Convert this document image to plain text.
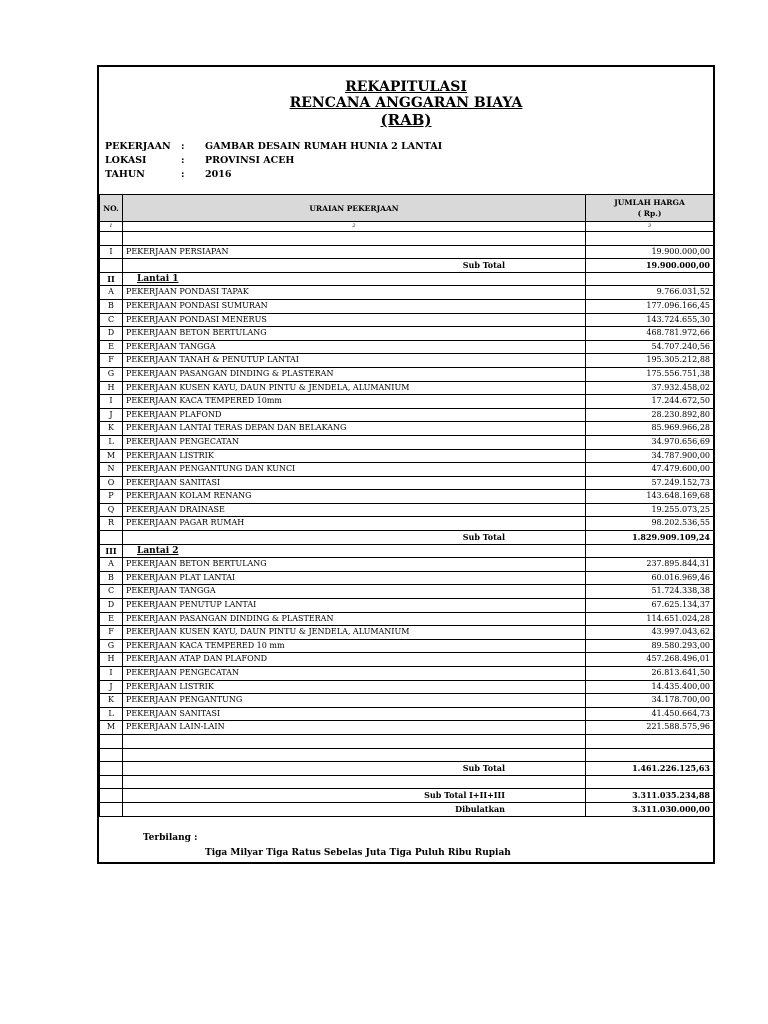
REKAPITULASI
RENCANA ANGGARAN BIAYA
(RAB)
PEKERJAAN : GAMBAR DESAIN RUMAH HUNIA 2 LANTAI
LOKASI	: PROVINSI ACEH
TAHUN	: 2016
NO.	URAIAN PEKERJAAN	JUMLAH HARGA
( Rp.)

1	2	3

I	PEKERJAAN PERSIAPAN	19.900.000,00
	Sub Total	19.900.000,00
II	Lantai 1	
A	PEKERJAAN PONDASI TAPAK	9.766.031,52
B	PEKERJAAN PONDASI SUMURAN	177.096.166,45
C	PEKERJAAN PONDASI MENERUS	143.724.655,30
D	PEKERJAAN BETON BERTULANG	468.781.972,66
E	PEKERJAAN TANGGA	54.707.240,56
F	PEKERJAAN TANAH & PENUTUP LANTAI	195.305.212,88
G	PEKERJAAN PASANGAN DINDING & PLASTERAN	175.556.751,38
H	PEKERJAAN KUSEN KAYU, DAUN PINTU & JENDELA, ALUMANIUM	37.932.458,02
I	PEKERJAAN KACA TEMPERED 10mm	17.244.672,50
J	PEKERJAAN PLAFOND	28.230.892,80
K	PEKERJAAN LANTAI TERAS DEPAN DAN BELAKANG	85.969.966,28
L	PEKERJAAN PENGECATAN	34.970.656,69
M	PEKERJAAN LISTRIK	34.787.900,00
N	PEKERJAAN PENGANTUNG DAN KUNCI	47.479.600,00
O	PEKERJAAN SANITASI	57.249.152,73
P	PEKERJAAN KOLAM RENANG	143.648.169,68
Q	PEKERJAAN DRAINASE	19.255.073,25
R	PEKERJAAN PAGAR RUMAH	98.202.536,55
	Sub Total	1.829.909.109,24
III	Lantai 2	
A	PEKERJAAN BETON BERTULANG	237.895.844,31
B	PEKERJAAN PLAT LANTAI	60.016.969,46
C	PEKERJAAN TANGGA	51.724.338,38
D	PEKERJAAN PENUTUP LANTAI	67.625.134,37
E	PEKERJAAN PASANGAN DINDING & PLASTERAN	114.651.024,28
F	PEKERJAAN KUSEN KAYU, DAUN PINTU & JENDELA, ALUMANIUM	43.997.043,62
G	PEKERJAAN KACA TEMPERED 10 mm	89.580.293,00
H	PEKERJAAN ATAP DAN PLAFOND	457.268.496,01
I	PEKERJAAN PENGECATAN	26.813.641,50
J	PEKERJAAN LISTRIK	14.435.400,00
K	PEKERJAAN PENGANTUNG	34.178.700,00
L	PEKERJAAN SANITASI	41.450.664,73
M	PEKERJAAN LAIN-LAIN	221.588.575,96

	Sub Total	1.461.226.125,63

	Sub Total I+II+III	3.311.035.234,88
	Dibulatkan	3.311.030.000,00
Terbilang :
Tiga Milyar Tiga Ratus Sebelas Juta Tiga Puluh Ribu Rupiah
